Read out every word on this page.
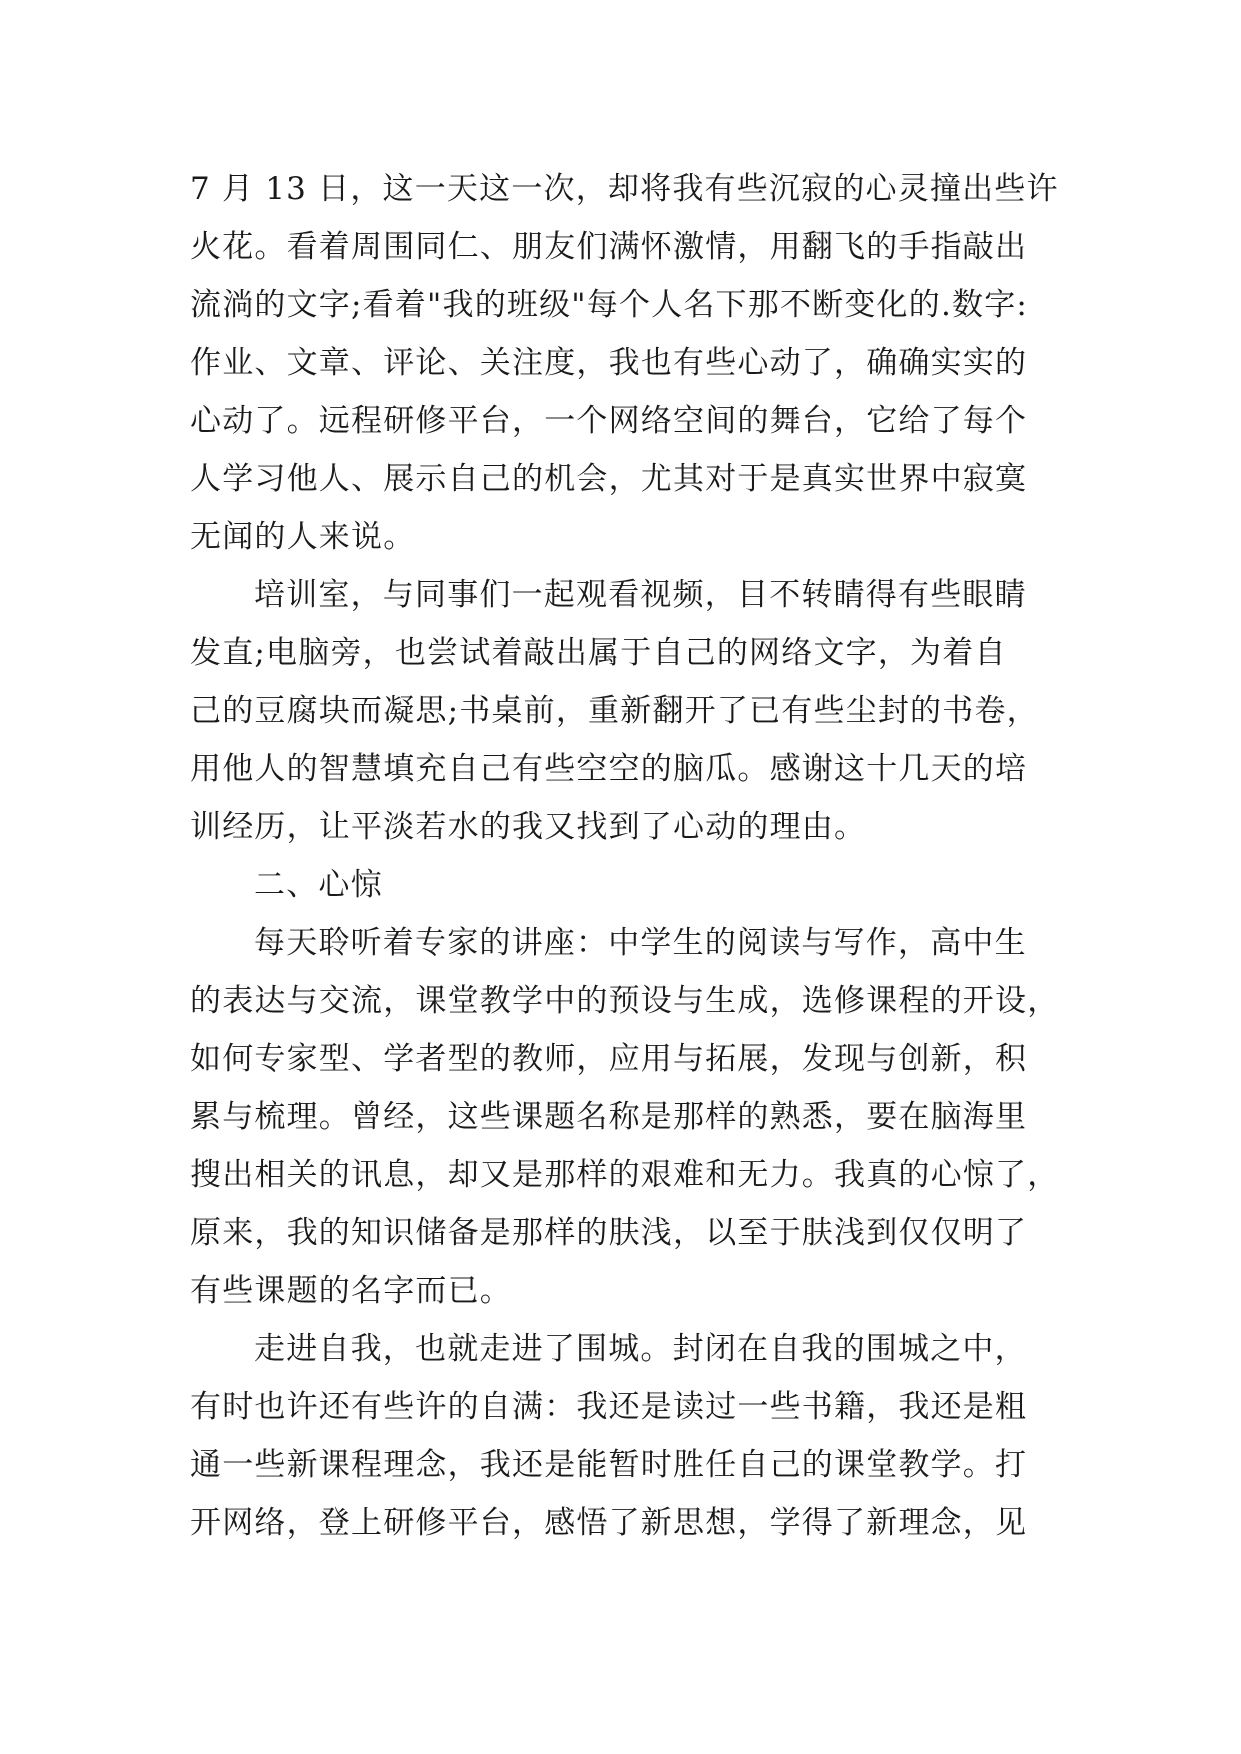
7 月 13 日，这一天这一次，却将我有些沉寂的心灵撞出些许
火花。看着周围同仁、朋友们满怀激情，用翻飞的手指敲出
流淌的文字;看着"我的班级"每个人名下那不断变化的.数字:
作业、文章、评论、关注度，我也有些心动了，确确实实的
心动了。远程研修平台，一个网络空间的舞台，它给了每个
人学习他人、展示自己的机会，尤其对于是真实世界中寂寞
无闻的人来说。
培训室，与同事们一起观看视频，目不转睛得有些眼睛
发直;电脑旁，也尝试着敲出属于自己的网络文字，为着自
己的豆腐块而凝思;书桌前，重新翻开了已有些尘封的书卷，
用他人的智慧填充自己有些空空的脑瓜。感谢这十几天的培
训经历，让平淡若水的我又找到了心动的理由。
二、心惊
每天聆听着专家的讲座：中学生的阅读与写作，高中生
的表达与交流，课堂教学中的预设与生成，选修课程的开设，
如何专家型、学者型的教师，应用与拓展，发现与创新，积
累与梳理。曾经，这些课题名称是那样的熟悉，要在脑海里
搜出相关的讯息，却又是那样的艰难和无力。我真的心惊了，
原来，我的知识储备是那样的肤浅，以至于肤浅到仅仅明了
有些课题的名字而已。
走进自我，也就走进了围城。封闭在自我的围城之中，
有时也许还有些许的自满：我还是读过一些书籍，我还是粗
通一些新课程理念，我还是能暂时胜任自己的课堂教学。打
开网络，登上研修平台，感悟了新思想，学得了新理念，见
